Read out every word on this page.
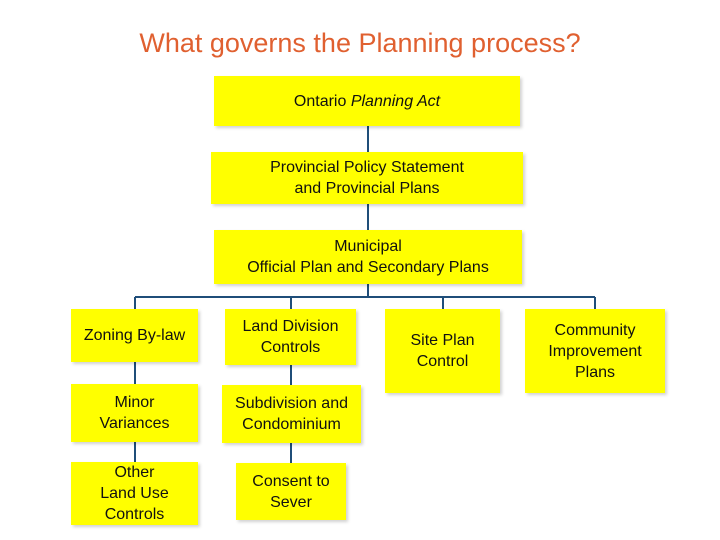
What governs the Planning process?
Ontario Planning Act
Provincial Policy Statement
and Provincial Plans
Municipal
Official Plan and Secondary Plans
Zoning By-law
Minor
Variances
Other
Land Use
Controls
Land Division
Controls
Subdivision and
Condominium
Consent to
Sever
Site Plan
Control
Community
Improvement
Plans
